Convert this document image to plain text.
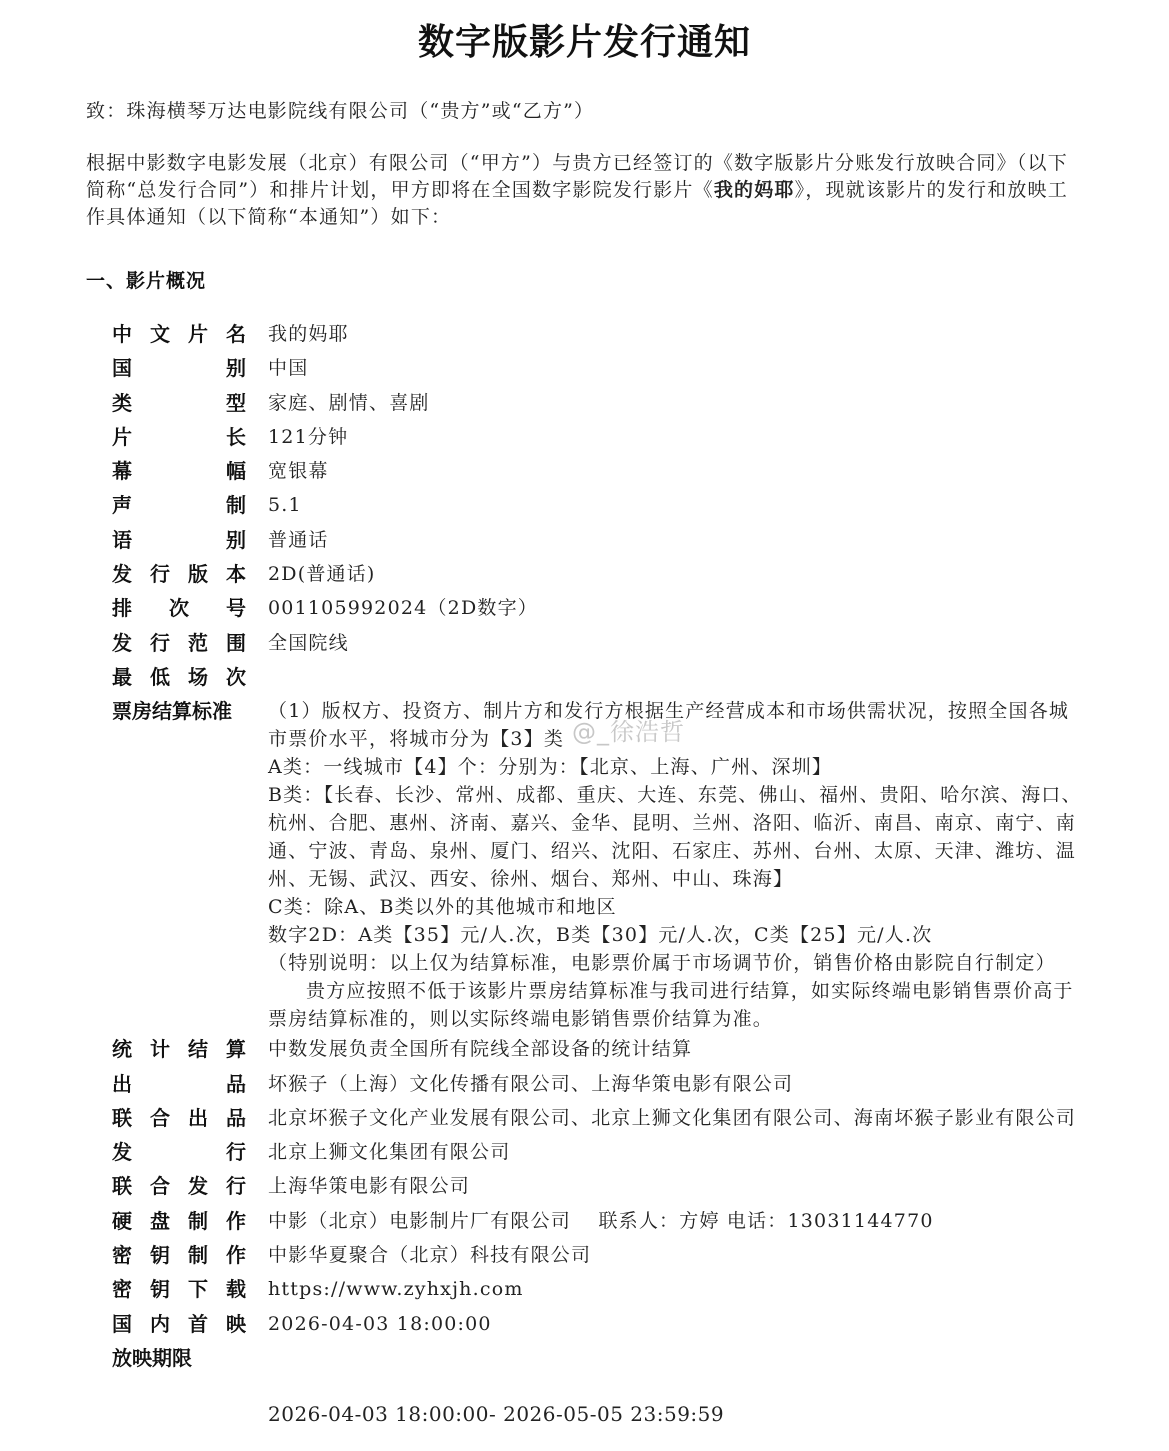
数字版影片发行通知
致：珠海横琴万达电影院线有限公司（“贵方”或“乙方”）
根据中影数字电影发展（北京）有限公司（“甲方”）与贵方已经签订的《数字版影片分账发行放映合同》（以下简称“总发行合同”）和排片计划，甲方即将在全国数字影院发行影片《我的妈耶》，现就该影片的发行和放映工作具体通知（以下简称“本通知”）如下：
一、影片概况
中 文 片 名	我的妈耶
国	别	中国
类	型	家庭、剧情、喜剧
片	长	121分钟
幕	幅	宽银幕
声	制	5.1
语	别	普通话
发 行 版 本	2D(普通话)
排 次 号	001105992024（2D数字）
发 行 范 围	全国院线
最 低 场 次
票房结算标准	（1）版权方、投资方、制片方和发行方根据生产经营成本和市场供需状况，按照全国各城市票价水平，将城市分为【3】类
A类：一线城市【4】个：分别为：【北京、上海、广州、深圳】
B类：【长春、长沙、常州、成都、重庆、大连、东莞、佛山、福州、贵阳、哈尔滨、海口、杭州、合肥、惠州、济南、嘉兴、金华、昆明、兰州、洛阳、临沂、南昌、南京、南宁、南通、宁波、青岛、泉州、厦门、绍兴、沈阳、石家庄、苏州、台州、太原、天津、潍坊、温州、无锡、武汉、西安、徐州、烟台、郑州、中山、珠海】
C类：除A、B类以外的其他城市和地区
数字2D：A类【35】元/人.次，B类【30】元/人.次，C类【25】元/人.次
（特别说明：以上仅为结算标准，电影票价属于市场调节价，销售价格由影院自行制定）
贵方应按照不低于该影片票房结算标准与我司进行结算，如实际终端电影销售票价高于票房结算标准的，则以实际终端电影销售票价结算为准。
统 计 结 算	中数发展负责全国所有院线全部设备的统计结算
出	品	坏猴子（上海）文化传播有限公司、上海华策电影有限公司
联 合 出 品	北京坏猴子文化产业发展有限公司、北京上狮文化集团有限公司、海南坏猴子影业有限公司
发	行	北京上狮文化集团有限公司
联 合 发 行	上海华策电影有限公司
硬 盘 制 作	中影（北京）电影制片厂有限公司　 联系人：方婷 电话：13031144770
密 钥 制 作	中影华夏聚合（北京）科技有限公司
密 钥 下 载	https://www.zyhxjh.com
国 内 首 映	2026-04-03 18:00:00
放映期限
2026-04-03 18:00:00- 2026-05-05 23:59:59
@_徐浩哲
